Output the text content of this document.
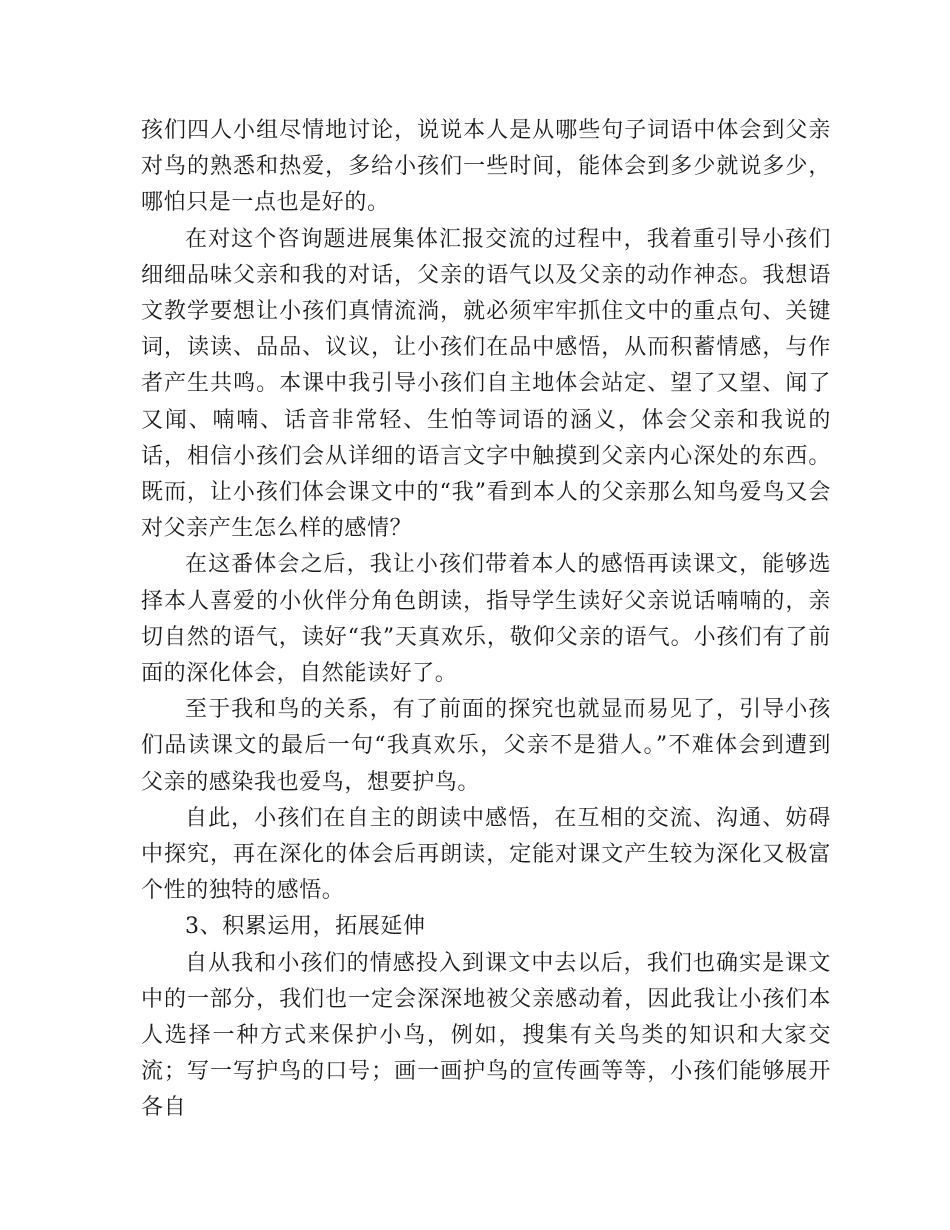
孩们四人小组尽情地讨论，说说本人是从哪些句子词语中体会到父亲对鸟的熟悉和热爱，多给小孩们一些时间，能体会到多少就说多少，哪怕只是一点也是好的。

在对这个咨询题进展集体汇报交流的过程中，我着重引导小孩们细细品味父亲和我的对话，父亲的语气以及父亲的动作神态。我想语文教学要想让小孩们真情流淌，就必须牢牢抓住文中的重点句、关键词，读读、品品、议议，让小孩们在品中感悟，从而积蓄情感，与作者产生共鸣。本课中我引导小孩们自主地体会站定、望了又望、闻了又闻、喃喃、话音非常轻、生怕等词语的涵义，体会父亲和我说的话，相信小孩们会从详细的语言文字中触摸到父亲内心深处的东西。既而，让小孩们体会课文中的“我”看到本人的父亲那么知鸟爱鸟又会对父亲产生怎么样的感情？

在这番体会之后，我让小孩们带着本人的感悟再读课文，能够选择本人喜爱的小伙伴分角色朗读，指导学生读好父亲说话喃喃的，亲切自然的语气，读好“我”天真欢乐，敬仰父亲的语气。小孩们有了前面的深化体会，自然能读好了。

至于我和鸟的关系，有了前面的探究也就显而易见了，引导小孩们品读课文的最后一句“我真欢乐，父亲不是猎人。”不难体会到遭到父亲的感染我也爱鸟，想要护鸟。

自此，小孩们在自主的朗读中感悟，在互相的交流、沟通、妨碍中探究，再在深化的体会后再朗读，定能对课文产生较为深化又极富个性的独特的感悟。

3、积累运用，拓展延伸

自从我和小孩们的情感投入到课文中去以后，我们也确实是课文中的一部分，我们也一定会深深地被父亲感动着，因此我让小孩们本人选择一种方式来保护小鸟，例如，搜集有关鸟类的知识和大家交流；写一写护鸟的口号；画一画护鸟的宣传画等等，小孩们能够展开各自
